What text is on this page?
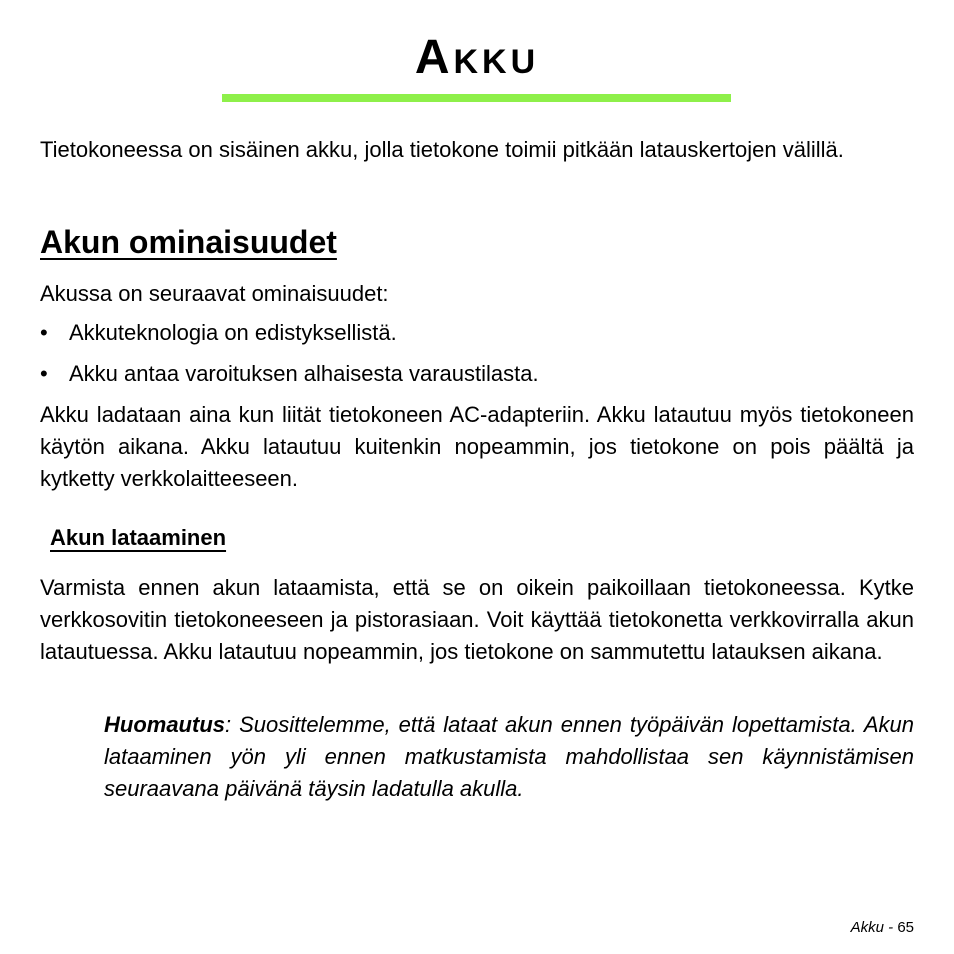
Akku

Tietokoneessa on sisäinen akku, jolla tietokone toimii pitkään latauskertojen välillä.

Akun ominaisuudet

Akussa on seuraavat ominaisuudet:

• Akkuteknologia on edistyksellistä.
• Akku antaa varoituksen alhaisesta varaustilasta.

Akku ladataan aina kun liität tietokoneen AC-adapteriin. Akku latautuu myös tietokoneen käytön aikana. Akku latautuu kuitenkin nopeammin, jos tietokone on pois päältä ja kytketty verkkolaitteeseen.

Akun lataaminen

Varmista ennen akun lataamista, että se on oikein paikoillaan tietokoneessa. Kytke verkkosovitin tietokoneeseen ja pistorasiaan. Voit käyttää tietokonetta verkkovirralla akun latautuessa. Akku latautuu nopeammin, jos tietokone on sammutettu latauksen aikana.

Huomautus: Suosittelemme, että lataat akun ennen työpäivän lopettamista. Akun lataaminen yön yli ennen matkustamista mahdollistaa sen käynnistämisen seuraavana päivänä täysin ladatulla akulla.

Akku - 65
